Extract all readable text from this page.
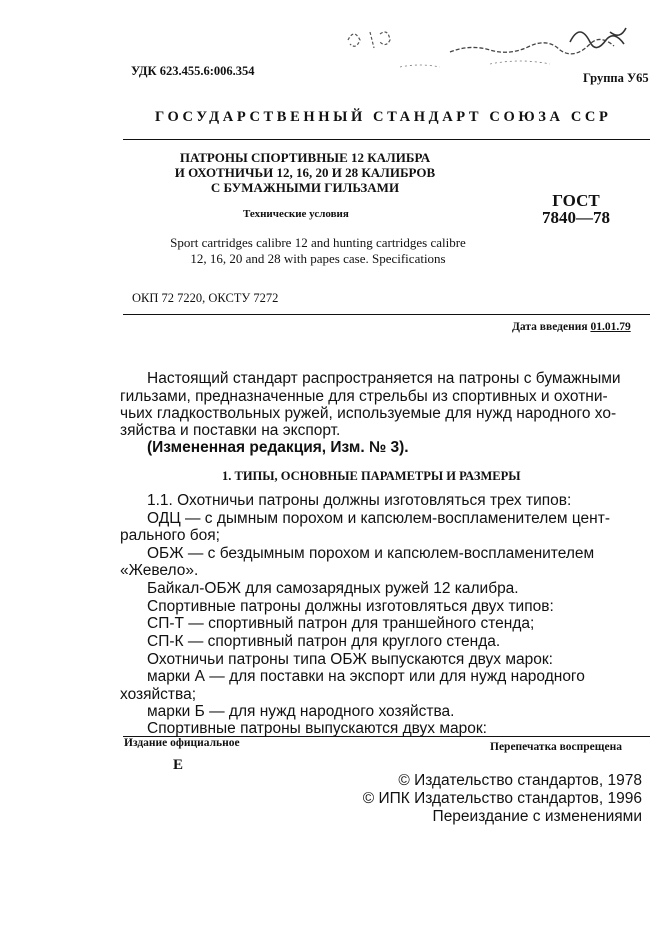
УДК 623.455.6:006.354	Группа У65
ГОСУДАРСТВЕННЫЙ СТАНДАРТ СОЮЗА ССР
ПАТРОНЫ СПОРТИВНЫЕ 12 КАЛИБРА
И ОХОТНИЧЬИ 12, 16, 20 И 28 КАЛИБРОВ
С БУМАЖНЫМИ ГИЛЬЗАМИ
Технические условия
ГОСТ
7840—78
Sport cartridges calibre 12 and hunting cartridges calibre
12, 16, 20 and 28 with papes case. Specifications
ОКП 72 7220, ОКСТУ 7272
Дата введения 01.01.79
Настоящий стандарт распространяется на патроны с бумажными
гильзами, предназначенные для стрельбы из спортивных и охотни-
чьих гладкоствольных ружей, используемые для нужд народного хо-
зяйства и поставки на экспорт.
(Измененная редакция, Изм. № 3).
1. ТИПЫ, ОСНОВНЫЕ ПАРАМЕТРЫ И РАЗМЕРЫ
1.1. Охотничьи патроны должны изготовляться трех типов:
ОДЦ — с дымным порохом и капсюлем-воспламенителем цент-
рального боя;
ОБЖ — с бездымным порохом и капсюлем-воспламенителем
«Жевело».
Байкал-ОБЖ для самозарядных ружей 12 калибра.
Спортивные патроны должны изготовляться двух типов:
СП-Т — спортивный патрон для траншейного стенда;
СП-К — спортивный патрон для круглого стенда.
Охотничьи патроны типа ОБЖ выпускаются двух марок:
марки А — для поставки на экспорт или для нужд народного
хозяйства;
марки Б — для нужд народного хозяйства.
Спортивные патроны выпускаются двух марок:
Издание официальное	Перепечатка воспрещена
Е
© Издательство стандартов, 1978
© ИПК Издательство стандартов, 1996
Переиздание с изменениями
